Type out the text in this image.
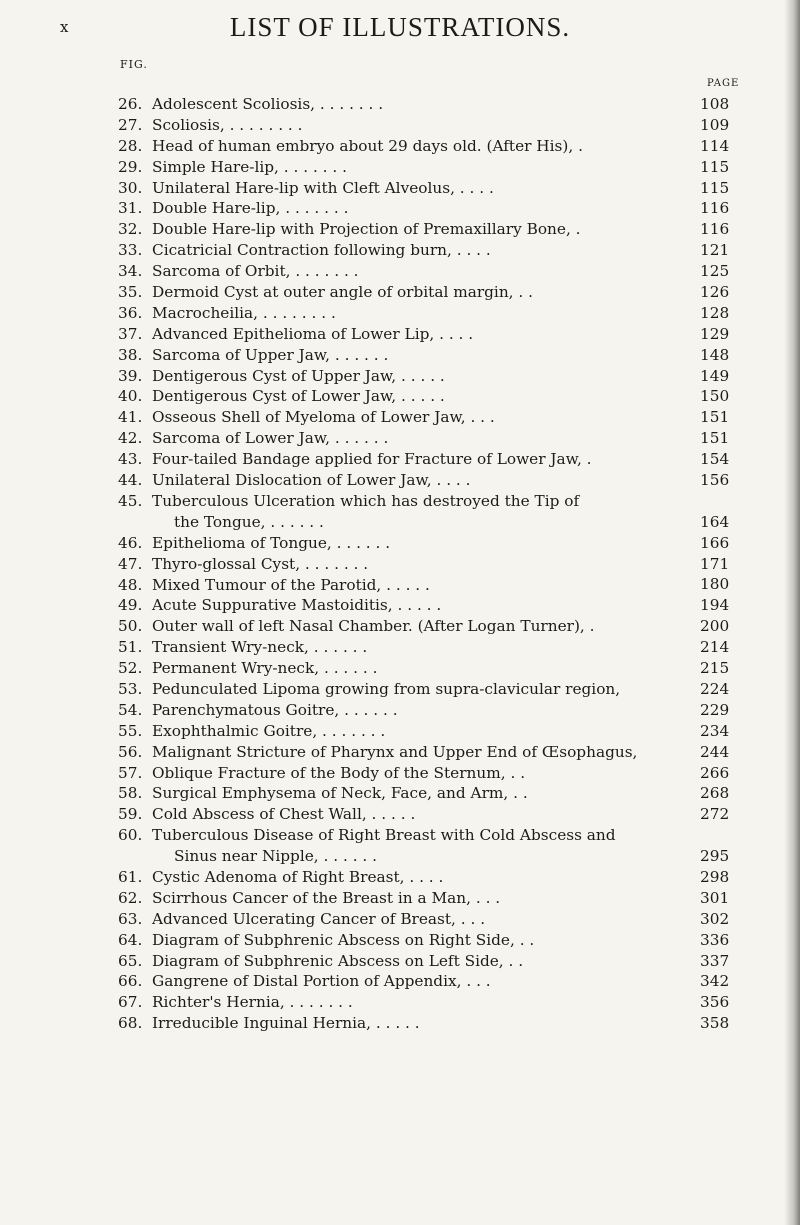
x	LIST OF ILLUSTRATIONS.
FIG.
PAGE
26. Adolescent Scoliosis, . . . . . . .	108
27. Scoliosis, . . . . . . . .	109
28. Head of human embryo about 29 days old. (After His), .	114
29. Simple Hare-lip, . . . . . . .	115
30. Unilateral Hare-lip with Cleft Alveolus, . . . .	115
31. Double Hare-lip, . . . . . . .	116
32. Double Hare-lip with Projection of Premaxillary Bone, .	116
33. Cicatricial Contraction following burn, . . . .	121
34. Sarcoma of Orbit, . . . . . . .	125
35. Dermoid Cyst at outer angle of orbital margin, . .	126
36. Macrocheilia, . . . . . . . .	128
37. Advanced Epithelioma of Lower Lip, . . . .	129
38. Sarcoma of Upper Jaw, . . . . . .	148
39. Dentigerous Cyst of Upper Jaw, . . . . .	149
40. Dentigerous Cyst of Lower Jaw, . . . . .	150
41. Osseous Shell of Myeloma of Lower Jaw, . . .	151
42. Sarcoma of Lower Jaw, . . . . . .	151
43. Four-tailed Bandage applied for Fracture of Lower Jaw, .	154
44. Unilateral Dislocation of Lower Jaw, . . . .	156
45. Tuberculous Ulceration which has destroyed the Tip of
the Tongue, . . . . . .	164
46. Epithelioma of Tongue, . . . . . .	166
47. Thyro-glossal Cyst, . . . . . . .	171
48. Mixed Tumour of the Parotid, . . . . .	180
49. Acute Suppurative Mastoiditis, . . . . .	194
50. Outer wall of left Nasal Chamber. (After Logan Turner), .	200
51. Transient Wry-neck, . . . . . .	214
52. Permanent Wry-neck, . . . . . .	215
53. Pedunculated Lipoma growing from supra-clavicular region,	224
54. Parenchymatous Goitre, . . . . . .	229
55. Exophthalmic Goitre, . . . . . . .	234
56. Malignant Stricture of Pharynx and Upper End of Œsophagus,	244
57. Oblique Fracture of the Body of the Sternum, . .	266
58. Surgical Emphysema of Neck, Face, and Arm, . .	268
59. Cold Abscess of Chest Wall, . . . . .	272
60. Tuberculous Disease of Right Breast with Cold Abscess and
Sinus near Nipple, . . . . . .	295
61. Cystic Adenoma of Right Breast, . . . .	298
62. Scirrhous Cancer of the Breast in a Man, . . .	301
63. Advanced Ulcerating Cancer of Breast, . . .	302
64. Diagram of Subphrenic Abscess on Right Side, . .	336
65. Diagram of Subphrenic Abscess on Left Side, . .	337
66. Gangrene of Distal Portion of Appendix, . . .	342
67. Richter's Hernia, . . . . . . .	356
68. Irreducible Inguinal Hernia, . . . . .	358
